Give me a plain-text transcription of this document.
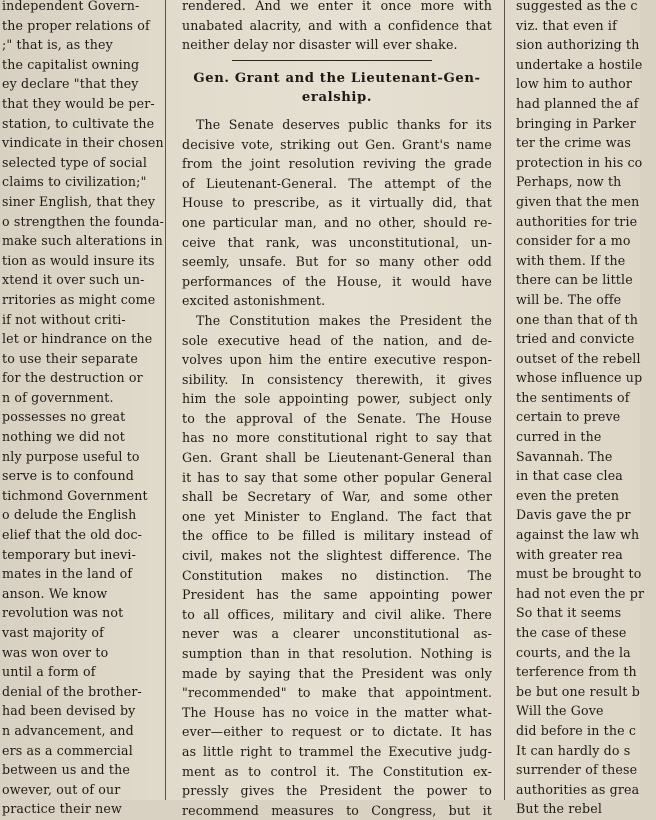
independent Govern-
the proper relations of
;" that is, as they
the capitalist owning
ey declare "that they
that they would be per-
station, to cultivate the
vindicate in their chosen
selected type of social
claims to civilization;"
siner English, that they
o strengthen the founda-
make such alterations in
tion as would insure its
xtend it over such un-
rritories as might come
if not without criti-
let or hindrance on the
to use their separate
for the destruction or
n of government.
possesses no great
nothing we did not
nly purpose useful to
serve is to confound
tichmond Government
o delude the English
elief that the old doc-
temporary but inevi-
mates in the land of
anson. We know
revolution was not
vast majority of
was won over to
until a form of
denial of the brother-
had been devised by
n advancement, and
ers as a commercial
between us and the
owever, out of our
practice their new
rendered. And we enter it once more with
unabated alacrity, and with a confidence that
neither delay nor disaster will ever shake.
Gen. Grant and the Lieutenant-Gen-
eralship.
The Senate deserves public thanks for its
decisive vote, striking out Gen. Grant's name
from the joint resolution reviving the grade
of Lieutenant-General. The attempt of the
House to prescribe, as it virtually did, that
one particular man, and no other, should re-
ceive that rank, was unconstitutional, un-
seemly, unsafe. But for so many other odd
performances of the House, it would have
excited astonishment.
The Constitution makes the President the
sole executive head of the nation, and de-
volves upon him the entire executive respon-
sibility. In consistency therewith, it gives
him the sole appointing power, subject only
to the approval of the Senate. The House
has no more constitutional right to say that
Gen. Grant shall be Lieutenant-General than
it has to say that some other popular General
shall be Secretary of War, and some other
one yet Minister to England. The fact that
the office to be filled is military instead of
civil, makes not the slightest difference. The
Constitution makes no distinction. The
President has the same appointing power
to all offices, military and civil alike. There
never was a clearer unconstitutional as-
sumption than in that resolution. Nothing is
made by saying that the President was only
"recommended" to make that appointment.
The House has no voice in the matter what-
ever—either to request or to dictate. It has
as little right to trammel the Executive judg-
ment as to control it. The Constitution ex-
pressly gives the President the power to
recommend measures to Congress, but it
suggested as the c
viz. that even if
sion authorizing th
undertake a hostile
low him to author
had planned the af
bringing in Parker
ter the crime was
protection in his co
Perhaps, now th
given that the men
authorities for trie
consider for a mo
with them. If the
there can be little
will be. The offe
one than that of th
tried and convicte
outset of the rebell
whose influence up
the sentiments of
certain to preve
curred in the
Savannah. The
in that case clea
even the preten
Davis gave the pr
against the law wh
with greater rea
must be brought to
had not even the pr
So that it seems
the case of these
courts, and the la
terference from th
be but one result b
Will the Gove
did before in the c
It can hardly do s
surrender of these
authorities as grea
But the rebel
